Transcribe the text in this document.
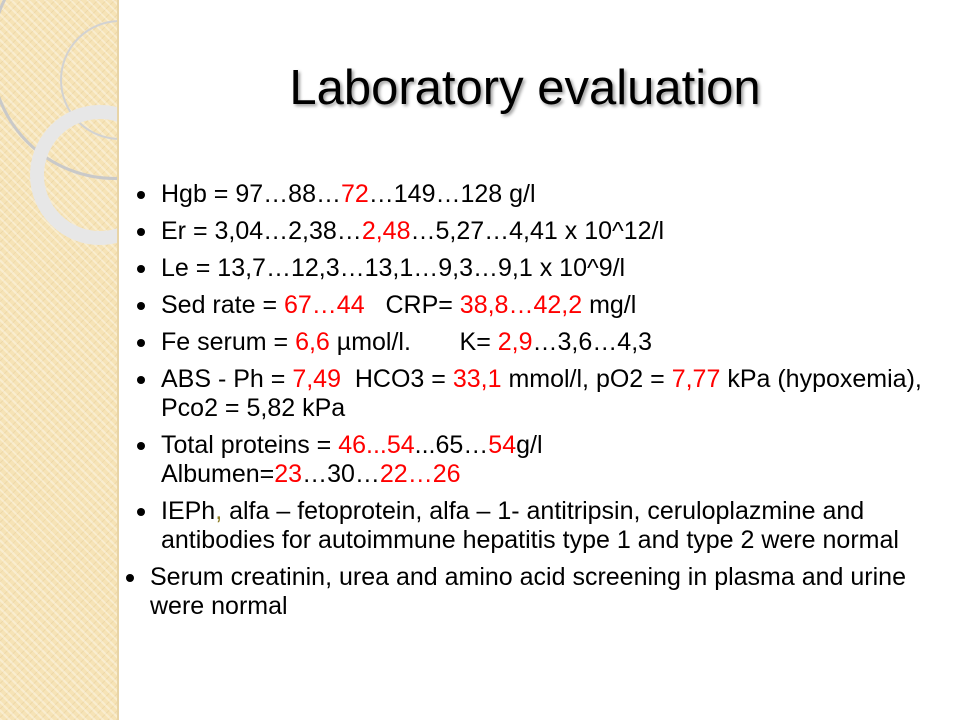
Laboratory evaluation
Hgb = 97…88…72…149…128 g/l
Er = 3,04…2,38…2,48…5,27…4,41 x 10^12/l
Le = 13,7…12,3…13,1…9,3…9,1 x 10^9/l
Sed rate = 67…44   CRP= 38,8…42,2 mg/l
Fe serum = 6,6 µmol/l.       K= 2,9…3,6…4,3
ABS - Ph = 7,49  HCO3 = 33,1 mmol/l, pO2 = 7,77 kPa (hypoxemia),  Pco2 = 5,82 kPa
Total proteins = 46...54...65…54g/l
Albumen=23…30…22…26
IEPh, alfa – fetoprotein, alfa – 1- antitripsin, ceruloplazmine and antibodies for autoimmune hepatitis type 1 and type 2 were normal
Serum creatinin, urea and amino acid screening in plasma and urine were normal
